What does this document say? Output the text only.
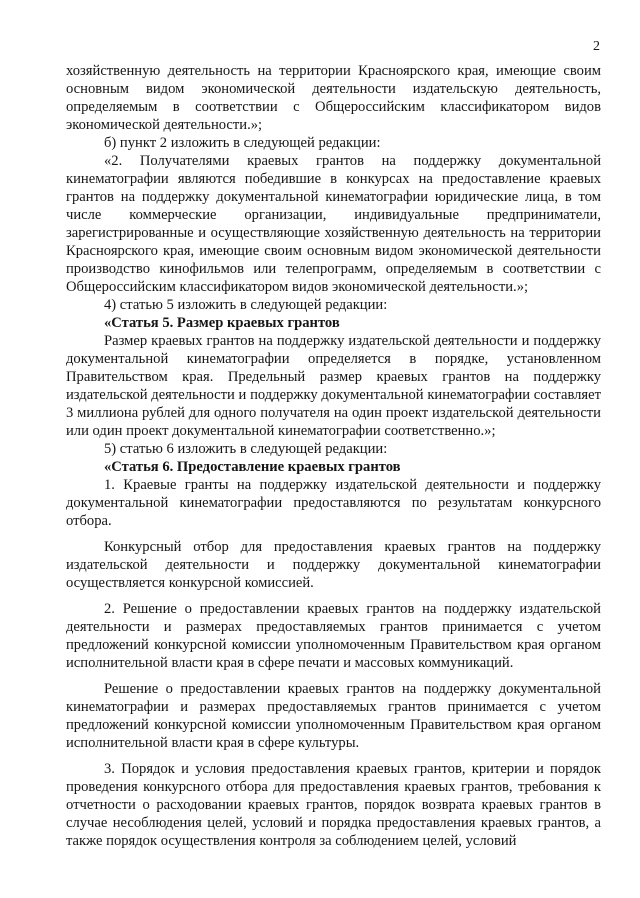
2

хозяйственную деятельность на территории Красноярского края, имеющие своим основным видом экономической деятельности издательскую деятельность, определяемым в соответствии с Общероссийским классификатором видов экономической деятельности.»;

б) пункт 2 изложить в следующей редакции:

«2. Получателями краевых грантов на поддержку документальной кинематографии являются победившие в конкурсах на предоставление краевых грантов на поддержку документальной кинематографии юридические лица, в том числе коммерческие организации, индивидуальные предприниматели, зарегистрированные и осуществляющие хозяйственную деятельность на территории Красноярского края, имеющие своим основным видом экономической деятельности производство кинофильмов или телепрограмм, определяемым в соответствии с Общероссийским классификатором видов экономической деятельности.»;

4) статью 5 изложить в следующей редакции:

«Статья 5. Размер краевых грантов

Размер краевых грантов на поддержку издательской деятельности и поддержку документальной кинематографии определяется в порядке, установленном Правительством края. Предельный размер краевых грантов на поддержку издательской деятельности и поддержку документальной кинематографии составляет 3 миллиона рублей для одного получателя на один проект издательской деятельности или один проект документальной кинематографии соответственно.»;

5) статью 6 изложить в следующей редакции:

«Статья 6. Предоставление краевых грантов

1. Краевые гранты на поддержку издательской деятельности и поддержку документальной кинематографии предоставляются по результатам конкурсного отбора.

Конкурсный отбор для предоставления краевых грантов на поддержку издательской деятельности и поддержку документальной кинематографии осуществляется конкурсной комиссией.

2. Решение о предоставлении краевых грантов на поддержку издательской деятельности и размерах предоставляемых грантов принимается с учетом предложений конкурсной комиссии уполномоченным Правительством края органом исполнительной власти края в сфере печати и массовых коммуникаций.

Решение о предоставлении краевых грантов на поддержку документальной кинематографии и размерах предоставляемых грантов принимается с учетом предложений конкурсной комиссии уполномоченным Правительством края органом исполнительной власти края в сфере культуры.

3. Порядок и условия предоставления краевых грантов, критерии и порядок проведения конкурсного отбора для предоставления краевых грантов, требования к отчетности о расходовании краевых грантов, порядок возврата краевых грантов в случае несоблюдения целей, условий и порядка предоставления краевых грантов, а также порядок осуществления контроля за соблюдением целей, условий
